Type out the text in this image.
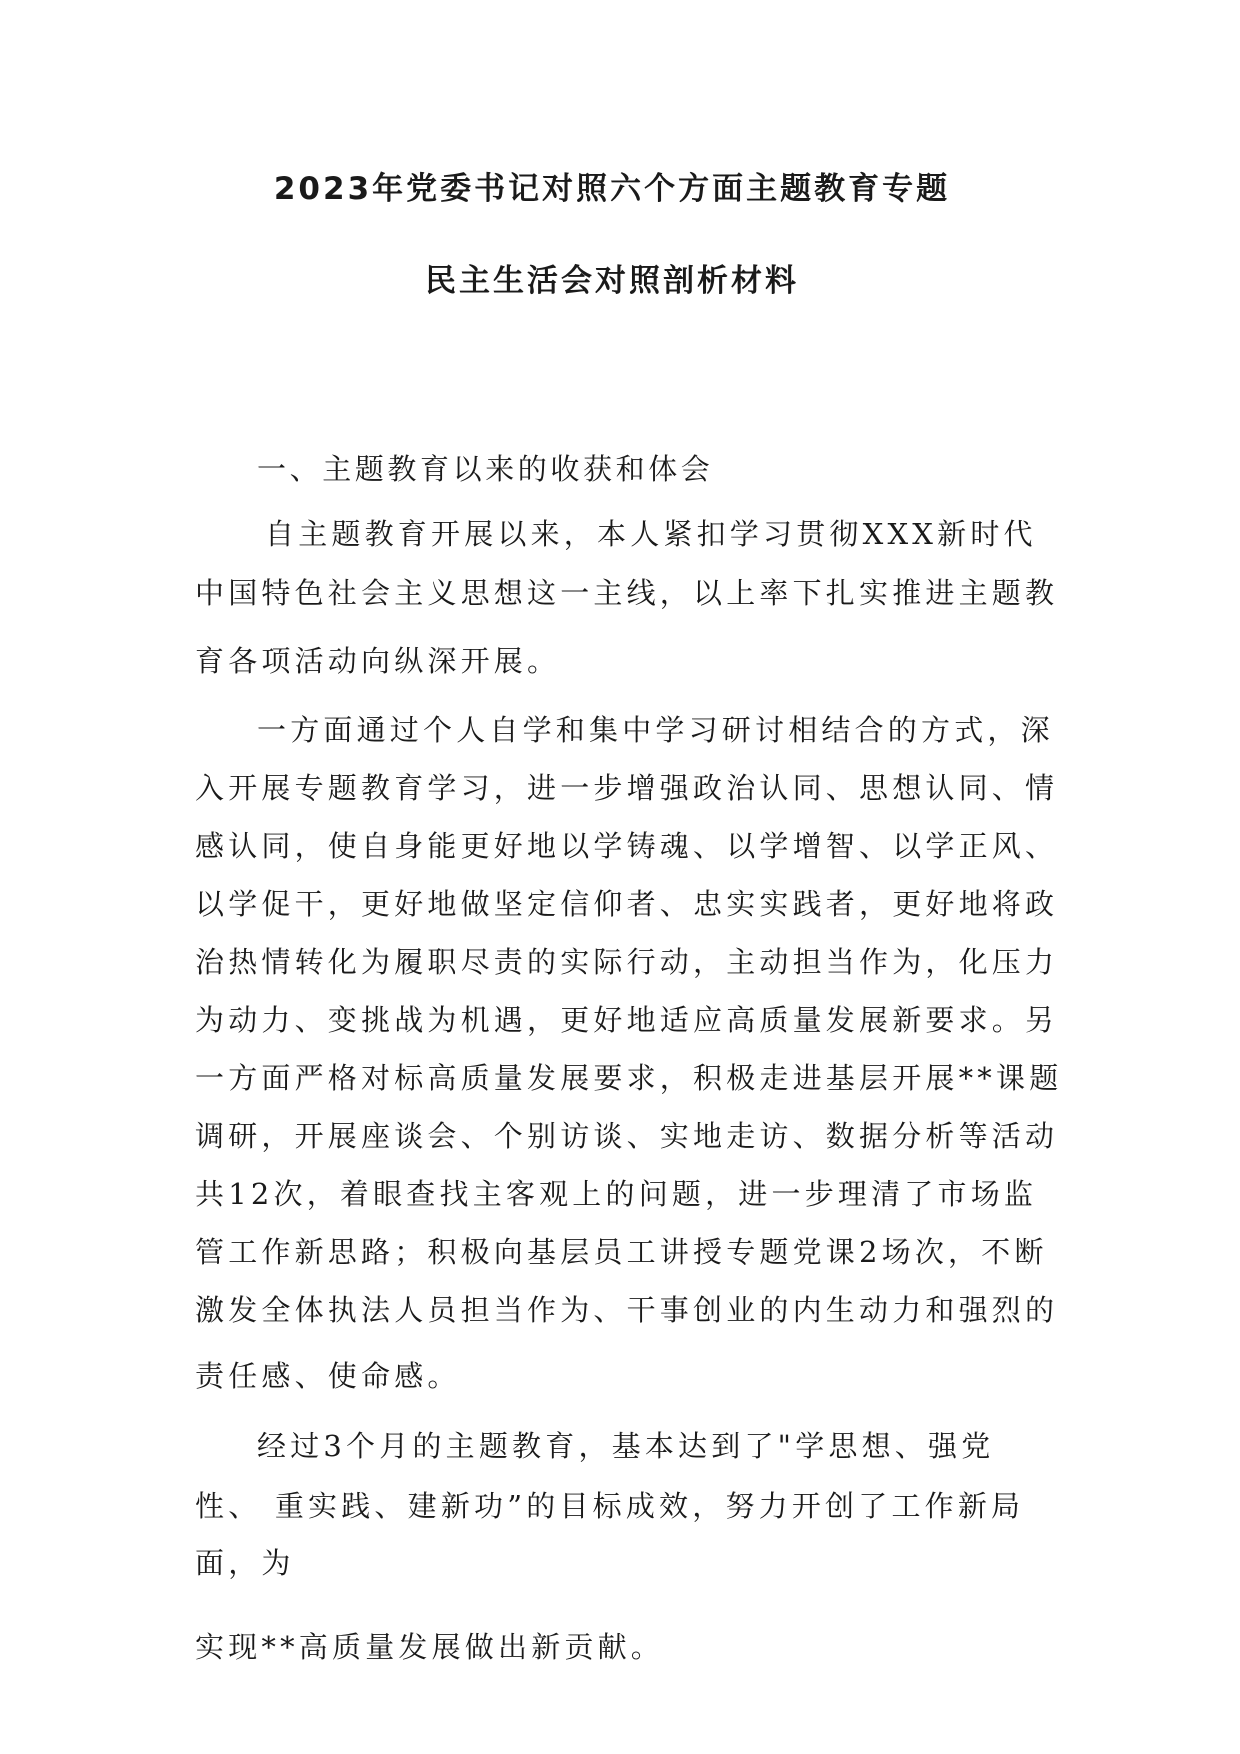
2023年党委书记对照六个方面主题教育专题
民主生活会对照剖析材料

一、主题教育以来的收获和体会

自主题教育开展以来，本人紧扣学习贯彻XXX新时代

中国特色社会主义思想这一主线，以上率下扎实推进主题教

育各项活动向纵深开展。

一方面通过个人自学和集中学习研讨相结合的方式，深

入开展专题教育学习，进一步增强政治认同、思想认同、情

感认同，使自身能更好地以学铸魂、以学增智、以学正风、

以学促干，更好地做坚定信仰者、忠实实践者，更好地将政

治热情转化为履职尽责的实际行动，主动担当作为，化压力

为动力、变挑战为机遇，更好地适应高质量发展新要求。另

一方面严格对标高质量发展要求，积极走进基层开展**课题

调研，开展座谈会、个别访谈、实地走访、数据分析等活动

共12次，着眼查找主客观上的问题，进一步理清了市场监

管工作新思路；积极向基层员工讲授专题党课2场次，不断

激发全体执法人员担当作为、干事创业的内生动力和强烈的

责任感、使命感。

经过3个月的主题教育，基本达到了"学思想、强党

性、 重实践、建新功”的目标成效，努力开创了工作新局

面，为

实现**高质量发展做出新贡献。
